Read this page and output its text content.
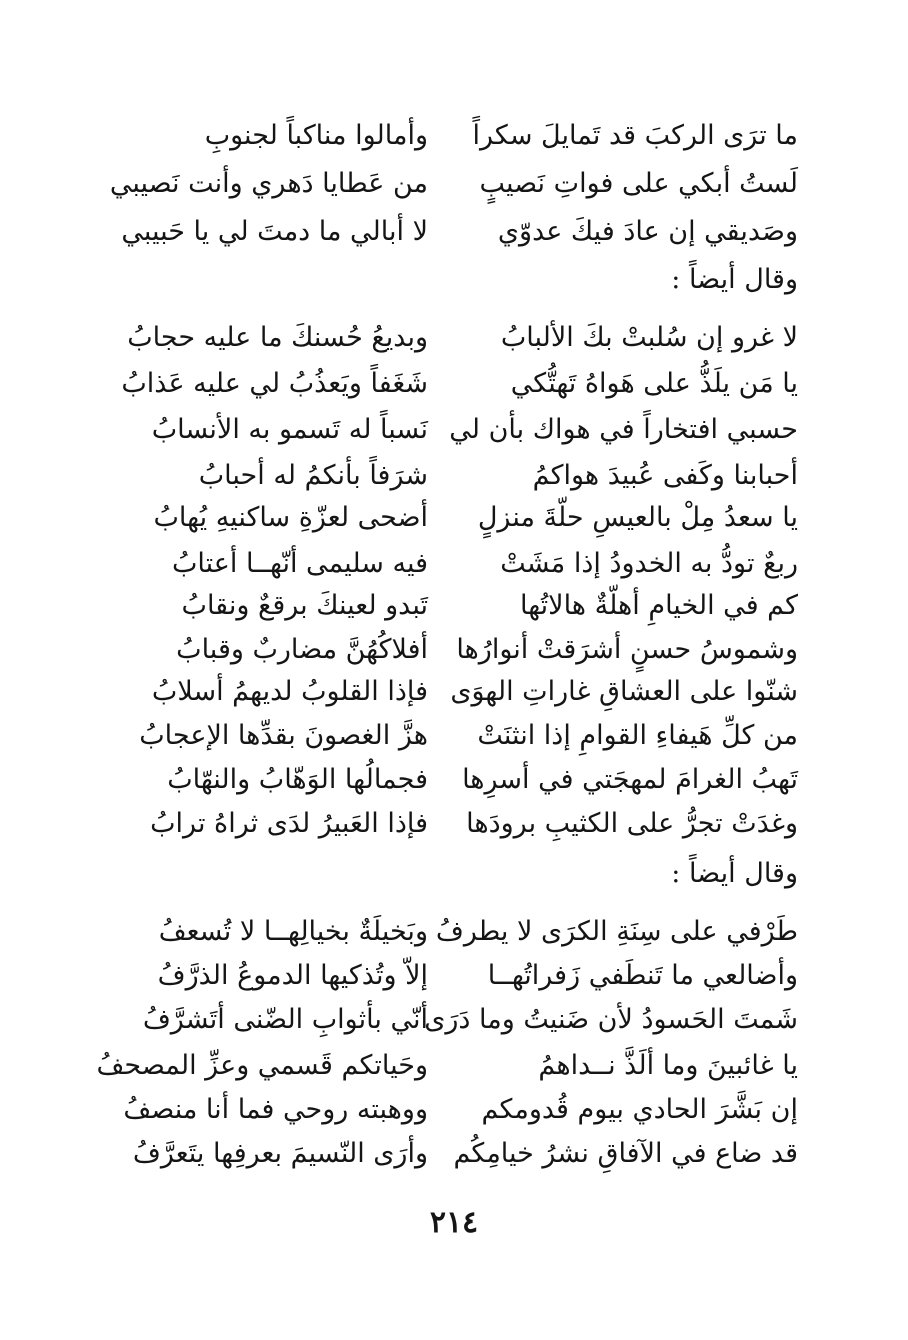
ما ترَى الركبَ قد تَمايلَ سكراً
وأمالوا مناكباً لجنوبِ
لَستُ أبكي على فواتِ نَصيبٍ
من عَطايا دَهري وأنت نَصيبي
وصَديقي إن عادَ فيكَ عدوّي
لا أبالي ما دمتَ لي يا حَبيبي
وقال أيضاً :
لا غرو إن سُلبتْ بكَ الألبابُ
وبديعُ حُسنكَ ما عليه حجابُ
يا مَن يلَذُّ على هَواهُ تَهتُّكي
شَغَفاً ويَعذُبُ لي عليه عَذابُ
حسبي افتخاراً في هواك بأن لي
نَسباً له تَسمو به الأنسابُ
أحبابنا وكَفى عُبيدَ هواكمُ
شرَفاً بأنكمُ له أحبابُ
يا سعدُ مِلْ بالعيسِ حلّةَ منزلٍ
أضحى لعزّةِ ساكنيهِ يُهابُ
ربعٌ تودُّ به الخدودُ إذا مَشَتْ
فيه سليمى أنّهــا أعتابُ
كم في الخيامِ أهلّةٌ هالاتُها
تَبدو لعينكَ برقعٌ ونقابُ
وشموسُ حسنٍ أشرَقتْ أنوارُها
أفلاكُهُنَّ مضاربٌ وقبابُ
شنّوا على العشاقِ غاراتِ الهوَى
فإذا القلوبُ لديهمُ أسلابُ
من كلِّ هَيفاءِ القوامِ إذا انثنَتْ
هزَّ الغصونَ بقدِّها الإعجابُ
تَهبُ الغرامَ لمهجَتي في أسرِها
فجمالُها الوَهّابُ والنهّابُ
وغدَتْ تجرُّ على الكثيبِ برودَها
فإذا العَبيرُ لدَى ثراهُ ترابُ
وقال أيضاً :
طَرْفي على سِنَةِ الكرَى لا يطرفُ
وبَخيلَةٌ بخيالِهــا لا تُسعفُ
وأضالعي ما تَنطَفي زَفراتُهــا
إلاّ وتُذكيها الدموعُ الذرَّفُ
شَمتَ الحَسودُ لأن ضَنيتُ وما دَرَى
أنّي بأثوابِ الضّنى أتَشرَّفُ
يا غائبينَ وما ألَذَّ نــداهمُ
وحَياتكم قَسمي وعزِّ المصحفُ
إن بَشَّرَ الحادي بيوم قُدومكم
ووهبته روحي فما أنا منصفُ
قد ضاع في الآفاقِ نشرُ خيامِكُم
وأرَى النّسيمَ بعرفِها يتَعرَّفُ
٢١٤
